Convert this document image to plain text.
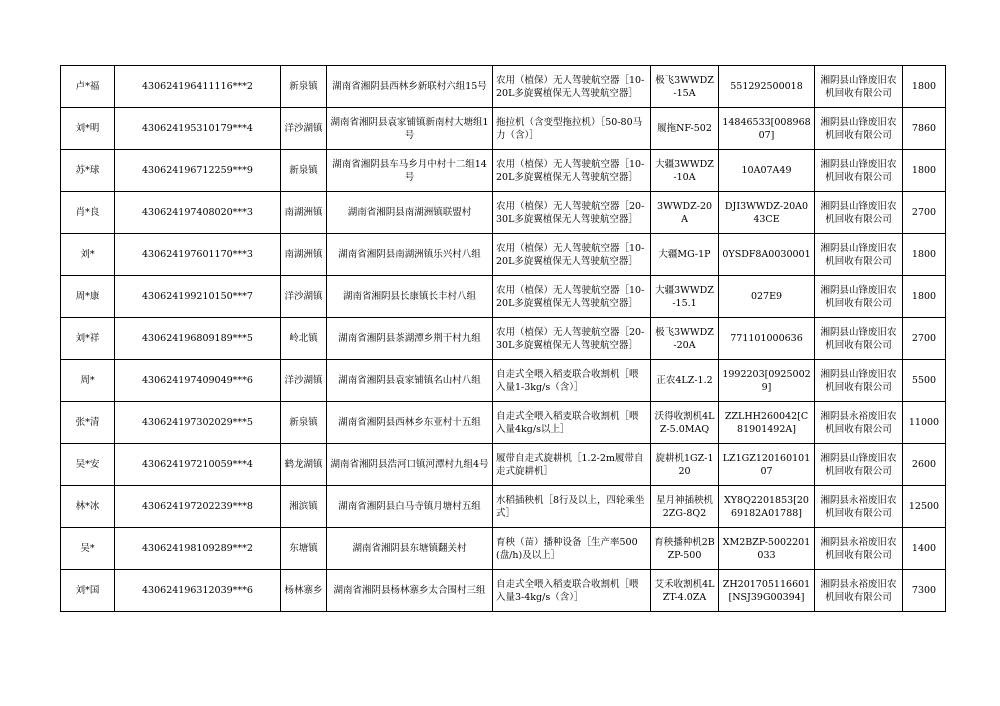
卢*福	430624196411116***2	新泉镇	湖南省湘阴县西林乡新联村六组15号	农用（植保）无人驾驶航空器［10-20L多旋翼植保无人驾驶航空器］	极飞3WWDZ-15A	551292500018	湘阴县山锋废旧农机回收有限公司	1800
刘*明	430624195310179***4	洋沙湖镇	湖南省湘阴县袁家铺镇新南村大塘组1号	拖拉机（含变型拖拉机）［50-80马力（含）］	履拖NF-502	14846533[00896807]	湘阴县山锋废旧农机回收有限公司	7860
苏*球	430624196712259***9	新泉镇	湖南省湘阴县车马乡月中村十二组14号	农用（植保）无人驾驶航空器［10-20L多旋翼植保无人驾驶航空器］	大疆3WWDZ-10A	10A07A49	湘阴县山锋废旧农机回收有限公司	1800
肖*良	430624197408020***3	南湖洲镇	湖南省湘阴县南湖洲镇联盟村	农用（植保）无人驾驶航空器［20-30L多旋翼植保无人驾驶航空器］	3WWDZ-20A	DJI3WWDZ-20A043CE	湘阴县山锋废旧农机回收有限公司	2700
刘*	430624197601170***3	南湖洲镇	湖南省湘阴县南湖洲镇乐兴村八组	农用（植保）无人驾驶航空器［10-20L多旋翼植保无人驾驶航空器］	大疆MG-1P	0YSDF8A0030001	湘阴县山锋废旧农机回收有限公司	1800
周*康	430624199210150***7	洋沙湖镇	湖南省湘阴县长康镇长丰村八组	农用（植保）无人驾驶航空器［10-20L多旋翼植保无人驾驶航空器］	大疆3WWDZ-15.1	027E9	湘阴县山锋废旧农机回收有限公司	1800
刘*祥	430624196809189***5	岭北镇	湖南省湘阴县茶湖潭乡荆干村九组	农用（植保）无人驾驶航空器［20-30L多旋翼植保无人驾驶航空器］	极飞3WWDZ-20A	771101000636	湘阴县山锋废旧农机回收有限公司	2700
周*	430624197409049***6	洋沙湖镇	湖南省湘阴县袁家铺镇名山村八组	自走式全喂入稻麦联合收割机［喂入量1-3kg/s（含）］	正农4LZ-1.2	1992203[09250029]	湘阴县山锋废旧农机回收有限公司	5500
张*清	430624197302029***5	新泉镇	湖南省湘阴县西林乡东亚村十五组	自走式全喂入稻麦联合收割机［喂入量4kg/s以上］	沃得收割机4LZ-5.0MAQ	ZZLHH260042[C81901492A]	湘阴县永裕废旧农机回收有限公司	11000
吴*安	430624197210059***4	鹤龙湖镇	湖南省湘阴县浩河口镇河潭村九组4号	履带自走式旋耕机［1.2-2m履带自走式旋耕机］	旋耕机1GZ-120	LZ1GZ12016010107	湘阴县山锋废旧农机回收有限公司	2600
林*冰	430624197202239***8	湘滨镇	湖南省湘阴县白马寺镇月塘村五组	水稻插秧机［8行及以上，四轮乘坐式］	星月神插秧机2ZG-8Q2	XY8Q2201853[2069182A01788]	湘阴县永裕废旧农机回收有限公司	12500
吴*	430624198109289***2	东塘镇	湖南省湘阴县东塘镇翻关村	育秧（苗）播种设备［生产率500(盘/h)及以上］	育秧播种机2BZP-500	XM2BZP-5002201033	湘阴县永裕废旧农机回收有限公司	1400
刘*国	430624196312039***6	杨林寨乡	湖南省湘阴县杨林寨乡太合围村三组	自走式全喂入稻麦联合收割机［喂入量3-4kg/s（含）］	艾禾收割机4LZT-4.0ZA	ZH201705116601[NSJ39G00394]	湘阴县永裕废旧农机回收有限公司	7300
